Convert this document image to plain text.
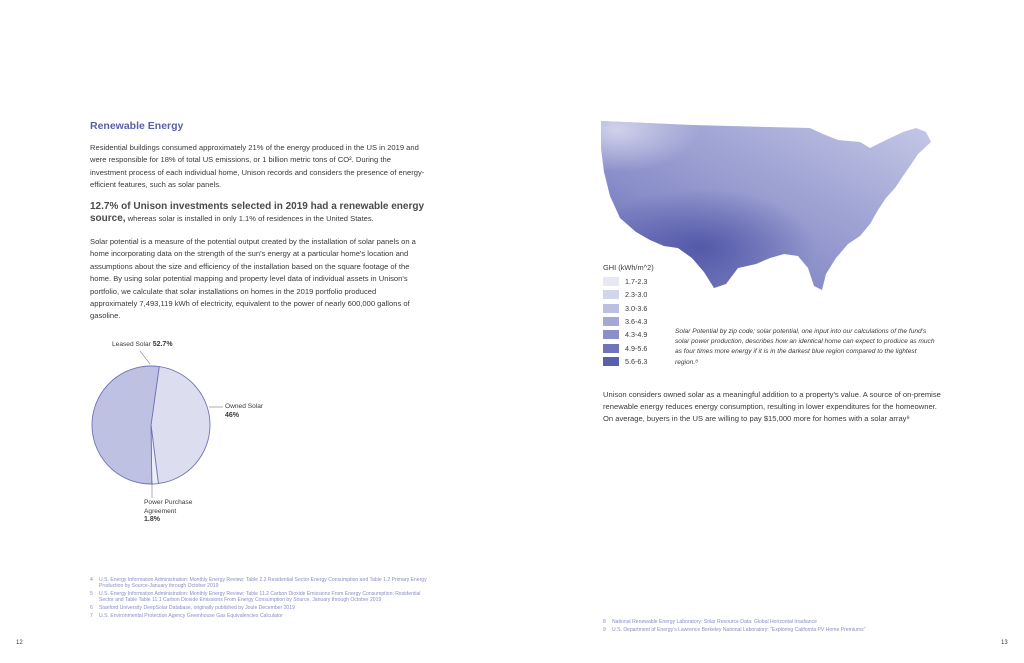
Renewable Energy
Residential buildings consumed approximately 21% of the energy produced in the US in 2019 and were responsible for 18% of total US emissions, or 1 billion metric tons of CO². During the investment process of each individual home, Unison records and considers the presence of energy-efficient features, such as solar panels.
12.7% of Unison investments selected in 2019 had a renewable energy source, whereas solar is installed in only 1.1% of residences in the United States.
Solar potential is a measure of the potential output created by the installation of solar panels on a home incorporating data on the strength of the sun's energy at a particular home's location and assumptions about the size and efficiency of the installation based on the square footage of the home. By using solar potential mapping and property level data of individual assets in Unison's portfolio, we calculate that solar installations on homes in the 2019 portfolio produced approximately 7,493,119 kWh of electricity, equivalent to the power of nearly 600,000 gallons of gasoline.
Leased Solar 52.7%
Owned Solar
46%
Power Purchase Agreement
1.8%
4	U.S. Energy Information Administration: Monthly Energy Review; Table 2.2 Residential Sector Energy Consumption and Table 1.2 Primary Energy Production by Source-January through October 2019
5	U.S. Energy Information Administration: Monthly Energy Review; Table 11.2 Carbon Dioxide Emissions From Energy Consumption: Residential Sector and Table Table 11.1 Carbon Dioxide Emissions From Energy Consumption by Source, January through October 2019
6	Stanford University DeepSolar Database, originally published by Joule December 2019
7	U.S. Environmental Protection Agency Greenhouse Gas Equivalencies Calculator
12
GHI (kWh/m^2)
1.7-2.3
2.3-3.0
3.0-3.6
3.6-4.3
4.3-4.9
4.9-5.6
5.6-6.3
Solar Potential by zip code; solar potential, one input into our calculations of the fund's solar power production, describes how an identical home can expect to produce as much as four times more energy if it is in the darkest blue region compared to the lightest region.⁸
Unison considers owned solar as a meaningful addition to a property's value. A source of on-premise renewable energy reduces energy consumption, resulting in lower expenditures for the homeowner. On average, buyers in the US are willing to pay $15,000 more for homes with a solar array⁹
8	National Renewable Energy Laboratory: Solar Resource Data: Global Horizontal Irradiance
9	U.S. Department of Energy's Lawrence Berkeley National Laboratory: "Exploring California PV Home Premiums"
13
